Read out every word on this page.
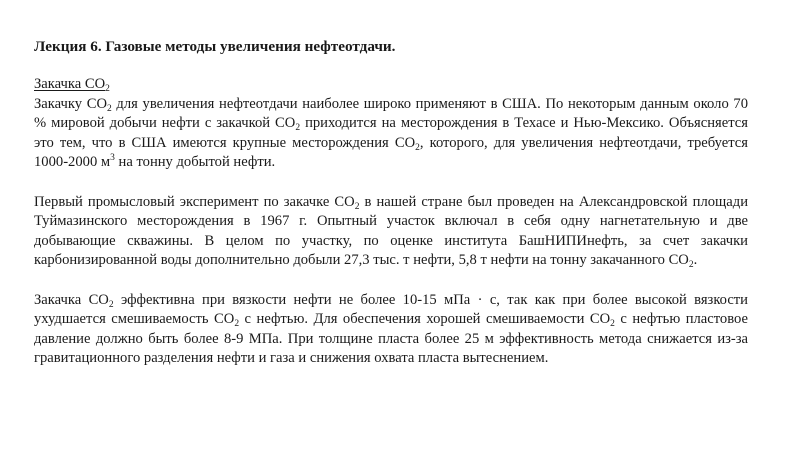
Лекция 6. Газовые методы увеличения нефтеотдачи.
Закачка $CO_2$

Закачку $CO_2$ для увеличения нефтеотдачи наиболее широко применяют в США. По некоторым данным около 70 % мировой добычи нефти с закачкой $CO_2$ приходится на месторождения в Техасе и Нью-Мексико. Объясняется это тем, что в США имеются крупные месторождения $CO_2$, которого, для увеличения нефтеотдачи, требуется 1000-2000 $м^3$ на тонну добытой нефти.

Первый промысловый эксперимент по закачке $CO_2$ в нашей стране был проведен на Александровской площади Туймазинского месторождения в 1967 г. Опытный участок включал в себя одну нагнетательную и две добывающие скважины. В целом по участку, по оценке института БашНИПИнефть, за счет закачки карбонизированной воды дополнительно добыли 27,3 тыс. т нефти, 5,8 т нефти на тонну закачанного $CO_2$.

Закачка $CO_2$ эффективна при вязкости нефти не более 10-15 мПа · с, так как при более высокой вязкости ухудшается смешиваемость $CO_2$ с нефтью. Для обеспечения хорошей смешиваемости $CO_2$ с нефтью пластовое давление должно быть более 8-9 МПа. При толщине пласта более 25 м эффективность метода снижается из-за гравитационного разделения нефти и газа и снижения охвата пласта вытеснением.
